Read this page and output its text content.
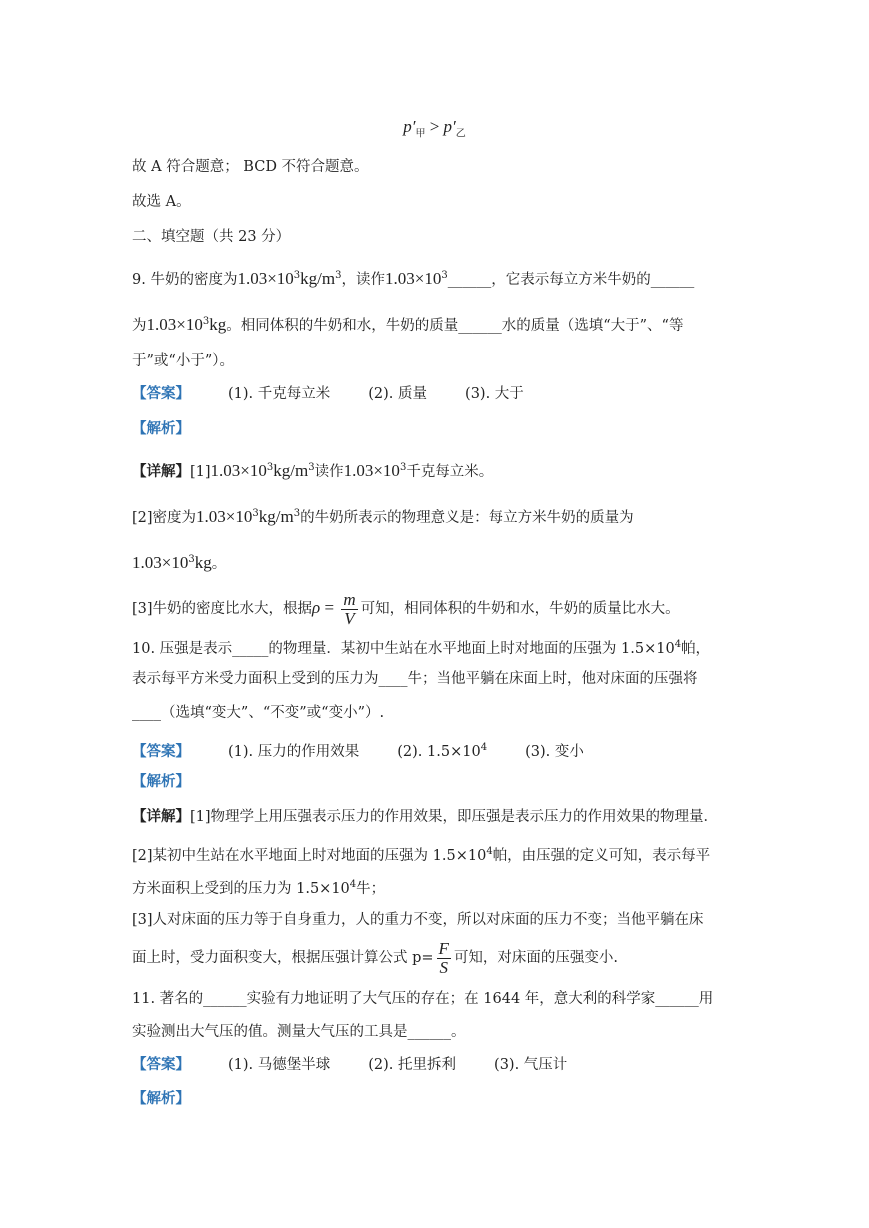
$p'_甲 > p'_乙$
故 A 符合题意； BCD 不符合题意。
故选 A。
二、填空题（共 23 分）
9. 牛奶的密度为$1.03\times 10^3kg/m^3$，读作$1.03\times 10^3\_\_\_\_\_\_$，它表示每立方米牛奶的______
为$1.03\times 10^3kg$。相同体积的牛奶和水，牛奶的质量______水的质量（选填“大于”、“等
于”或“小于”）。
【答案】	(1). 千克每立米	(2). 质量	(3). 大于
【解析】
【详解】$[1]1.03\times 10^3kg/m^3$读作$1.03\times 10^3$千克每立米。
[2]密度为$1.03\times 10^3kg/m^3$的牛奶所表示的物理意义是：每立方米牛奶的质量为
$1.03\times 10^3kg$。
[3]牛奶的密度比水大，根据$\rho = \frac{m}{V}$ 可知，相同体积的牛奶和水，牛奶的质量比水大。
10. 压强是表示_____的物理量．某初中生站在水平地面上时对地面的压强为 $1.5\times 10^4$帕，
表示每平方米受力面积上受到的压力为____牛；当他平躺在床面上时，他对床面的压强将
____（选填“变大”、“不变”或“变小”）.
【答案】	(1). 压力的作用效果	(2). $1.5\times 10^4$	(3). 变小
【解析】
【详解】[1]物理学上用压强表示压力的作用效果，即压强是表示压力的作用效果的物理量．
[2]某初中生站在水平地面上时对地面的压强为 $1.5\times 10^4$帕，由压强的定义可知，表示每平
方米面积上受到的压力为 $1.5\times 10^4$牛；
[3]人对床面的压力等于自身重力，人的重力不变，所以对床面的压力不变；当他平躺在床
面上时，受力面积变大，根据压强计算公式 $p= \frac{F}{S}$ 可知，对床面的压强变小.
11. 著名的______实验有力地证明了大气压的存在；在 1644 年，意大利的科学家______用
实验测出大气压的值。测量大气压的工具是______。
【答案】	(1). 马德堡半球	(2). 托里拆利	(3). 气压计
【解析】
